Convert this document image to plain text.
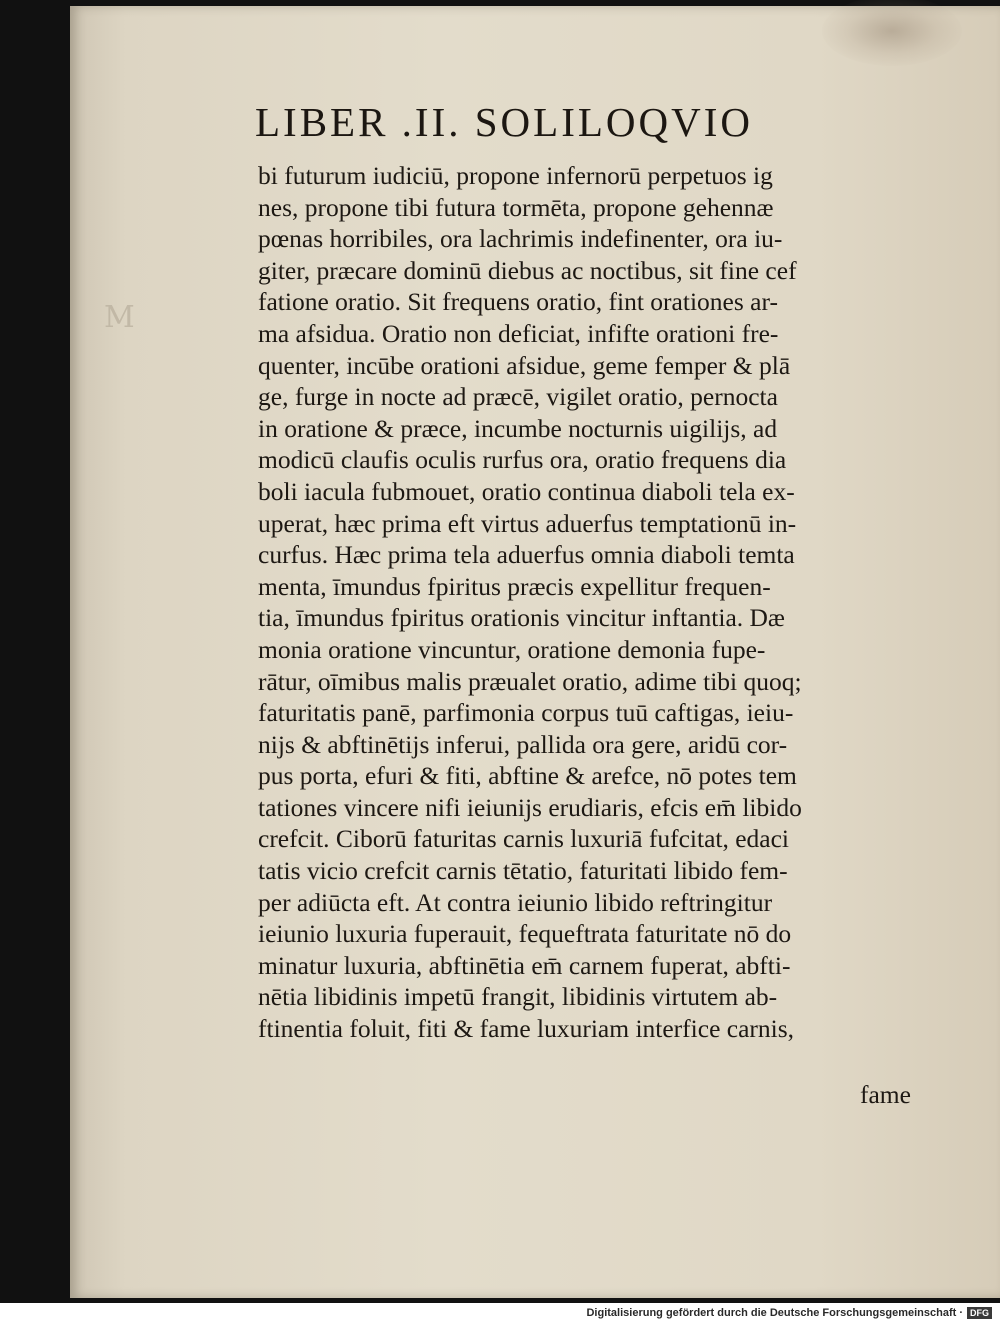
M
LIBER .II. SOLILOQVIO
bi futurum iudiciū, propone infernorū perpetuos ig
nes, propone tibi futura tormēta, propone gehennæ
pœnas horribiles, ora lachrimis indefinenter, ora iu-
giter, præcare dominū diebus ac noctibus, sit fine cef
fatione oratio. Sit frequens oratio, fint orationes ar-
ma afsidua. Oratio non deficiat, infifte orationi fre-
quenter, incūbe orationi afsidue, geme femper & plā
ge, furge in nocte ad præcē, vigilet oratio, pernocta
in oratione & præce, incumbe nocturnis uigilijs, ad
modicū claufis oculis rurfus ora, oratio frequens dia
boli iacula fubmouet, oratio continua diaboli tela ex-
uperat, hæc prima eft virtus aduerfus temptationū in-
curfus. Hæc prima tela aduerfus omnia diaboli temta
menta, īmundus fpiritus præcis expellitur frequen-
tia, īmundus fpiritus orationis vincitur inftantia. Dæ
monia oratione vincuntur, oratione demonia fupe-
rātur, oīmibus malis præualet oratio, adime tibi quoq;
faturitatis panē, parfimonia corpus tuū caftigas, ieiu-
nijs & abftinētijs inferui, pallida ora gere, aridū cor-
pus porta, efuri & fiti, abftine & arefce, nō potes tem
tationes vincere nifi ieiunijs erudiaris, efcis em̄ libido
crefcit. Ciborū faturitas carnis luxuriā fufcitat, edaci
tatis vicio crefcit carnis tētatio, faturitati libido fem-
per adiūcta eft. At contra ieiunio libido reftringitur
ieiunio luxuria fuperauit, fequeftrata faturitate nō do
minatur luxuria, abftinētia em̄ carnem fuperat, abfti-
nētia libidinis impetū frangit, libidinis virtutem ab-
ftinentia foluit, fiti & fame luxuriam interfice carnis,
fame
Digitalisierung gefördert durch die Deutsche Forschungsgemeinschaft · DFG
